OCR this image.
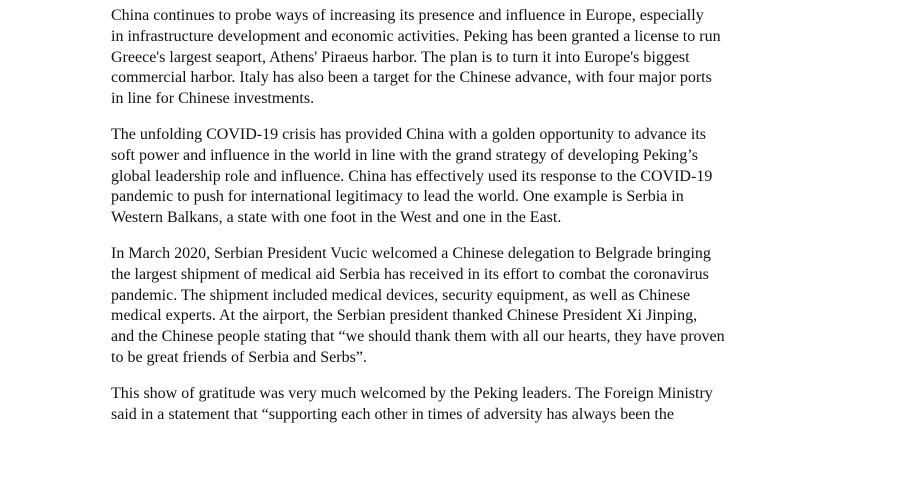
China continues to probe ways of increasing its presence and influence in Europe, especially
in infrastructure development and economic activities. Peking has been granted a license to run
Greece's largest seaport, Athens' Piraeus harbor. The plan is to turn it into Europe's biggest
commercial harbor. Italy has also been a target for the Chinese advance, with four major ports
in line for Chinese investments.

The unfolding COVID-19 crisis has provided China with a golden opportunity to advance its
soft power and influence in the world in line with the grand strategy of developing Peking’s
global leadership role and influence. China has effectively used its response to the COVID-19
pandemic to push for international legitimacy to lead the world. One example is Serbia in
Western Balkans, a state with one foot in the West and one in the East.

In March 2020, Serbian President Vucic welcomed a Chinese delegation to Belgrade bringing
the largest shipment of medical aid Serbia has received in its effort to combat the coronavirus
pandemic. The shipment included medical devices, security equipment, as well as Chinese
medical experts. At the airport, the Serbian president thanked Chinese President Xi Jinping,
and the Chinese people stating that “we should thank them with all our hearts, they have proven
to be great friends of Serbia and Serbs”.

This show of gratitude was very much welcomed by the Peking leaders. The Foreign Ministry
said in a statement that “supporting each other in times of adversity has always been the
